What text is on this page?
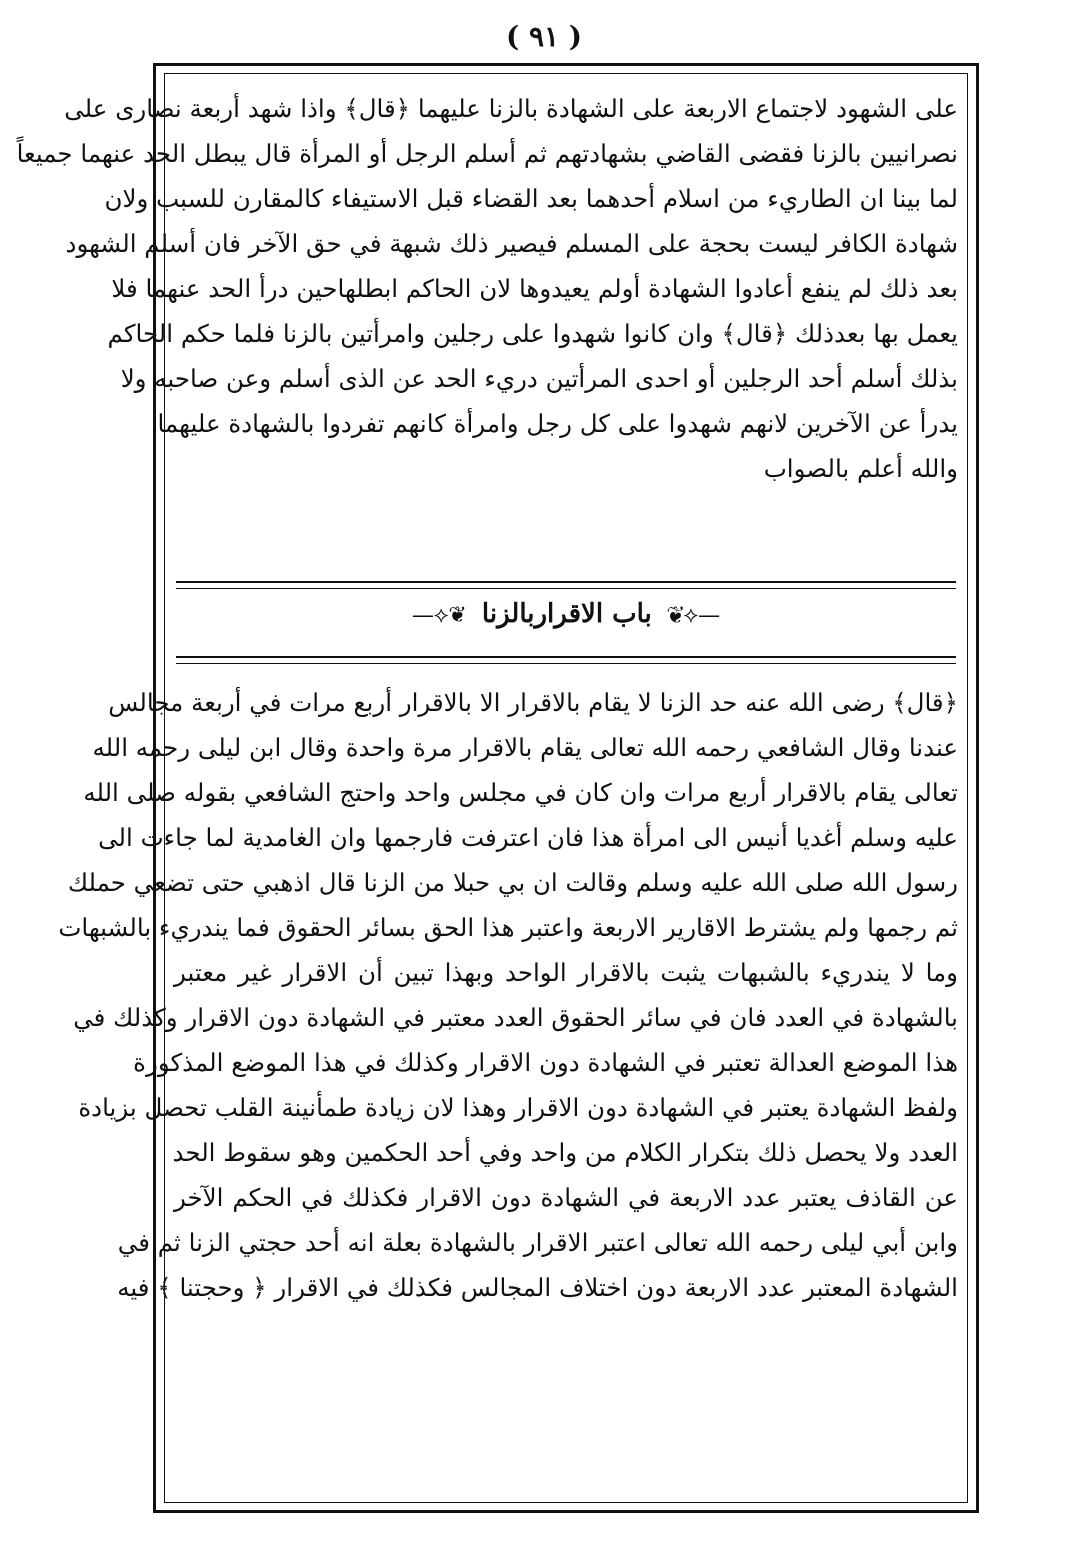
( ٩١ )
على الشهود لاجتماع الاربعة على الشهادة بالزنا عليهما ﴿قال﴾ واذا شهد أربعة نصارى على
نصرانيين بالزنا فقضى القاضي بشهادتهم ثم أسلم الرجل أو المرأة قال يبطل الحد عنهما جميعاً
لما بينا ان الطاريء من اسلام أحدهما بعد القضاء قبل الاستيفاء كالمقارن للسبب ولان
شهادة الكافر ليست بحجة على المسلم فيصير ذلك شبهة في حق الآخر فان أسلم الشهود
بعد ذلك لم ينفع أعادوا الشهادة أولم يعيدوها لان الحاكم ابطلهاحين درأ الحد عنهما فلا
يعمل بها بعدذلك ﴿قال﴾ وان كانوا شهدوا على رجلين وامرأتين بالزنا فلما حكم الحاكم
بذلك أسلم أحد الرجلين أو احدى المرأتين دريء الحد عن الذى أسلم وعن صاحبه ولا
يدرأ عن الآخرين لانهم شهدوا على كل رجل وامرأة كانهم تفردوا بالشهادة عليهما
والله أعلم بالصواب
—⟡❦ باب الاقراربالزنا ❦⟡—
﴿قال﴾ رضى الله عنه حد الزنا لا يقام بالاقرار الا بالاقرار أربع مرات في أربعة مجالس
عندنا وقال الشافعي رحمه الله تعالى يقام بالاقرار مرة واحدة وقال ابن ليلى رحمه الله
تعالى يقام بالاقرار أربع مرات وان كان في مجلس واحد واحتج الشافعي بقوله صلى الله
عليه وسلم أغديا أنيس الى امرأة هذا فان اعترفت فارجمها وان الغامدية لما جاءت الى
رسول الله صلى الله عليه وسلم وقالت ان بي حبلا من الزنا قال اذهبي حتى تضعي حملك
ثم رجمها ولم يشترط الاقارير الاربعة واعتبر هذا الحق بسائر الحقوق فما يندريء بالشبهات
وما لا يندريء بالشبهات يثبت بالاقرار الواحد وبهذا تبين أن الاقرار غير معتبر
بالشهادة في العدد فان في سائر الحقوق العدد معتبر في الشهادة دون الاقرار وكذلك في
هذا الموضع العدالة تعتبر في الشهادة دون الاقرار وكذلك في هذا الموضع المذكورة
ولفظ الشهادة يعتبر في الشهادة دون الاقرار وهذا لان زيادة طمأنينة القلب تحصل بزيادة
العدد ولا يحصل ذلك بتكرار الكلام من واحد وفي أحد الحكمين وهو سقوط الحد
عن القاذف يعتبر عدد الاربعة في الشهادة دون الاقرار فكذلك في الحكم الآخر
وابن أبي ليلى رحمه الله تعالى اعتبر الاقرار بالشهادة بعلة انه أحد حجتي الزنا ثم في
الشهادة المعتبر عدد الاربعة دون اختلاف المجالس فكذلك في الاقرار ﴿ وحجتنا ﴾ فيه
